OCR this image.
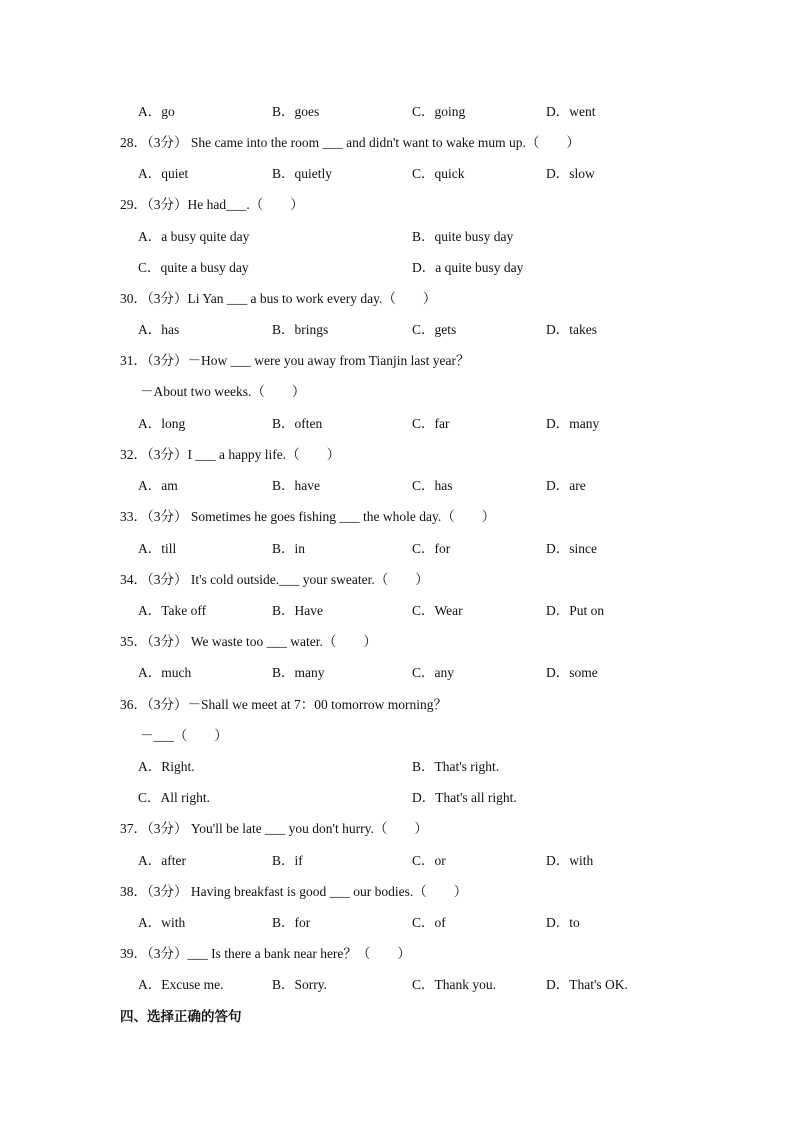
A．go	B．goes	C．going	D．went
28．（3分） She came into the room ___ and didn't want to wake mum up.（　　）
A．quiet	B．quietly	C．quick	D．slow
29．（3分）He had___.（　　）
A．a busy quite day	B．quite busy day
C．quite a busy day	D．a quite busy day
30．（3分）Li Yan ___ a bus to work every day.（　　）
A．has	B．brings	C．gets	D．takes
31．（3分）－How ___ were you away from Tianjin last year？
－About two weeks.（　　）
A．long	B．often	C．far	D．many
32．（3分）I ___ a happy life.（　　）
A．am	B．have	C．has	D．are
33．（3分） Sometimes he goes fishing ___ the whole day.（　　）
A．till	B．in	C．for	D．since
34．（3分） It's cold outside.___ your sweater.（　　）
A．Take off	B．Have	C．Wear	D．Put on
35．（3分） We waste too ___ water.（　　）
A．much	B．many	C．any	D．some
36．（3分）－Shall we meet at 7：00 tomorrow morning？
－___（　　）
A．Right.	B．That's right.
C．All right.	D．That's all right.
37．（3分） You'll be late ___ you don't hurry.（　　）
A．after	B．if	C．or	D．with
38．（3分） Having breakfast is good ___ our bodies.（　　）
A．with	B．for	C．of	D．to
39．（3分）___ Is there a bank near here？（　　）
A．Excuse me.	B．Sorry.	C．Thank you.	D．That's OK.
四、选择正确的答句
